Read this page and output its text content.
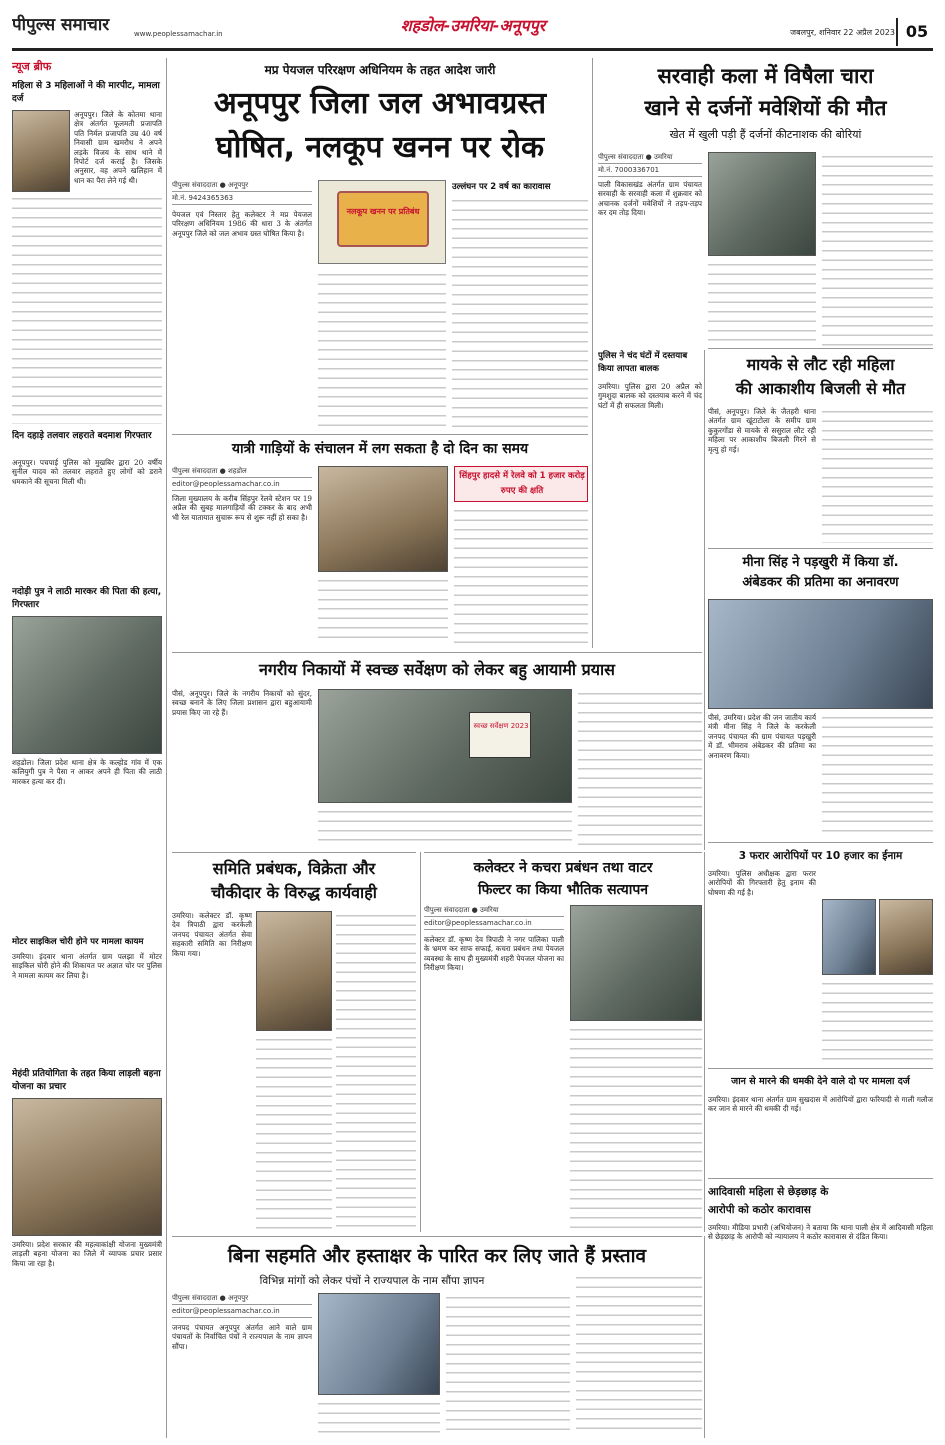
पीपुल्स समाचार	www.peoplessamachar.in	शहडोल-उमरिया-अनूपपुर	जबलपुर, शनिवार 22 अप्रैल 2023 05
न्यूज ब्रीफ
महिला से 3 महिलाओं ने की मारपीट, मामला दर्ज
अनूपपुर। जिले के कोतमा थाना क्षेत्र अंतर्गत फूलमती प्रजापति पति निर्मल प्रजापति उम्र 40 वर्ष निवासी ग्राम खमरौध ने अपने लड़के विजय के साथ थाने में रिपोर्ट दर्ज कराई है। जिसके अनुसार, वह अपने खलिहान में धान का पैरा लेने गई थी।
दिन दहाड़े तलवार लहराते बदमाश गिरफ्तार
अनूपपुर। पचपाई पुलिस को मुखबिर द्वारा 20 वर्षीय सुनील यादव को तलवार लहराते हुए लोगों को डराने धमकाने की सूचना मिली थी।
नदोड़ी पुत्र ने लाठी मारकर की पिता की हत्या, गिरफ्तार
शहडोल। जिला प्रदेश थाना क्षेत्र के कल्होड गांव में एक कलियुगी पुत्र ने पैसा न आकर अपने ही पिता की लाठी मारकर हत्या कर दी।
मोटर साइकिल चोरी होने पर मामला कायम
उमरिया। इंदवार थाना अंतर्गत ग्राम पलझा में मोटर साइकिल चोरी होने की शिकायत पर अज्ञात चोर पर पुलिस ने मामला कायम कर लिया है।
मेहंदी प्रतियोगिता के तहत किया लाड़ली बहना योजना का प्रचार
उमरिया। प्रदेश सरकार की महत्वाकांक्षी योजना मुख्यमंत्री लाड़ली बहना योजना का जिले में व्यापक प्रचार प्रसार किया जा रहा है।
मप्र पेयजल परिरक्षण अधिनियम के तहत आदेश जारी
अनूपपुर जिला जल अभावग्रस्त
घोषित, नलकूप खनन पर रोक
पीपुल्स संवाददाता ● अनूपपुर
मो.नं. 9424365363
पेयजल एवं निस्तार हेतु कलेक्टर ने मप्र पेयजल परिरक्षण अधिनियम 1986 की धारा 3 के अंतर्गत अनूपपुर जिले को जल अभाव ग्रस्त घोषित किया है।
नलकूप खनन पर प्रतिबंध
उल्लंघन पर 2 वर्ष का कारावास
यात्री गाड़ियों के संचालन में लग सकता है दो दिन का समय
पीपुल्स संवाददाता ● शहडोल
editor@peoplessamachar.co.in
जिला मुख्यालय के करीब सिंहपुर रेलवे स्टेशन पर 19 अप्रैल की सुबह मालगाड़ियों की टक्कर के बाद अभी भी रेल यातायात सुचारू रूप से शुरू नहीं हो सका है।
सिंहपुर हादसे में रेलवे को 1 हजार करोड़ रुपए की क्षति
सरवाही कला में विषैला चारा
खाने से दर्जनों मवेशियों की मौत
खेत में खुली पड़ी हैं दर्जनों कीटनाशक की बोरियां
पीपुल्स संवाददाता ● उमरिया
मो.नं. 7000336701
पाली विकासखंड अंतर्गत ग्राम पंचायत सरवाही के सरवाही कला में शुक्रवार को अचानक दर्जनों मवेशियों ने तड़प-तड़प कर दम तोड़ दिया।
पुलिस ने चंद घंटों में दस्तयाब किया लापता बालक
उमरिया। पुलिस द्वारा 20 अप्रैल को गुमशुदा बालक को दस्तयाब करने में चंद घंटों में ही सफलता मिली।
मायके से लौट रही महिला
की आकाशीय बिजली से मौत
पीसं, अनूपपुर। जिले के जैतहरी थाना अंतर्गत ग्राम खूंटाटोला के समीप ग्राम कुकुरगोंडा से मायके से ससुराल लौट रही महिला पर आकाशीय बिजली गिरने से मृत्यु हो गई।
मीना सिंह ने पड़खुरी में किया डॉ.
अंबेडकर की प्रतिमा का अनावरण
पीसं, उमरिया। प्रदेश की जन जातीय कार्य मंत्री मीना सिंह ने जिले के करकेली जनपद पंचायत की ग्राम पंचायत पड़खुरी में डॉ. भीमराव अंबेडकर की प्रतिमा का अनावरण किया।
नगरीय निकायों में स्वच्छ सर्वेक्षण को लेकर बहु आयामी प्रयास
पीसं, अनूपपुर। जिले के नगरीय निकायों को सुंदर, स्वच्छ बनाने के लिए जिला प्रशासन द्वारा बहुआयामी प्रयास किए जा रहे हैं।
स्वच्छ सर्वेक्षण 2023
समिति प्रबंधक, विक्रेता और
चौकीदार के विरुद्ध कार्यवाही
उमरिया। कलेक्टर डॉ. कृष्ण देव त्रिपाठी द्वारा करकेली जनपद पंचायत अंतर्गत सेवा सहकारी समिति का निरीक्षण किया गया।
कलेक्टर ने कचरा प्रबंधन तथा वाटर
फिल्टर का किया भौतिक सत्यापन
पीपुल्स संवाददाता ● उमरिया
editor@peoplessamachar.co.in
कलेक्टर डॉ. कृष्ण देव त्रिपाठी ने नगर पालिका पाली के भ्रमण कर साफ सफाई, कचरा प्रबंधन तथा पेयजल व्यवस्था के साथ ही मुख्यमंत्री शहरी पेयजल योजना का निरीक्षण किया।
3 फरार आरोपियों पर 10 हजार का ईनाम
उमरिया। पुलिस अधीक्षक द्वारा फरार आरोपियों की गिरफ्तारी हेतु इनाम की घोषणा की गई है।
जान से मारने की धमकी देने वाले दो पर मामला दर्ज
उमरिया। इंदवार थाना अंतर्गत ग्राम सुखदास में आरोपियों द्वारा फरियादी से गाली गलौज कर जान से मारने की धमकी दी गई।
बिना सहमति और हस्ताक्षर के पारित कर लिए जाते हैं प्रस्ताव
विभिन्न मांगों को लेकर पंचों ने राज्यपाल के नाम सौंपा ज्ञापन
पीपुल्स संवाददाता ● अनूपपुर
editor@peoplessamachar.co.in
जनपद पंचायत अनूपपुर अंतर्गत आने वाले ग्राम पंचायतों के निर्वाचित पंचों ने राज्यपाल के नाम ज्ञापन सौंपा।
आदिवासी महिला से छेड़छाड़ के
आरोपी को कठोर कारावास
उमरिया। मीडिया प्रभारी (अभियोजन) ने बताया कि थाना पाली क्षेत्र में आदिवासी महिला से छेड़छाड़ के आरोपी को न्यायालय ने कठोर कारावास से दंडित किया।
